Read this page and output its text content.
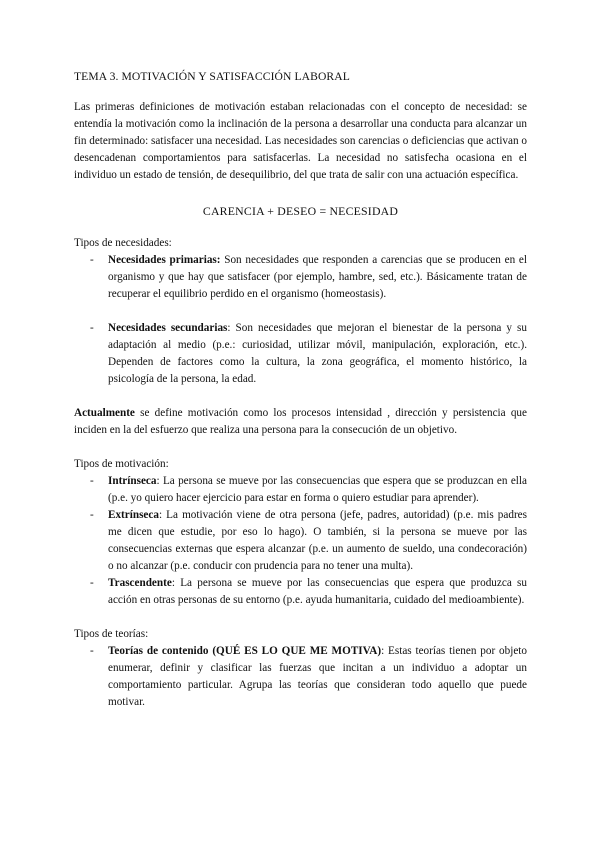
TEMA 3. MOTIVACIÓN Y SATISFACCIÓN LABORAL

Las primeras definiciones de motivación estaban relacionadas con el concepto de necesidad: se entendía la motivación como la inclinación de la persona a desarrollar una conducta para alcanzar un fin determinado: satisfacer una necesidad. Las necesidades son carencias o deficiencias que activan o desencadenan comportamientos para satisfacerlas. La necesidad no satisfecha ocasiona en el individuo un estado de tensión, de desequilibrio, del que trata de salir con una actuación específica.

CARENCIA + DESEO = NECESIDAD

Tipos de necesidades:

- Necesidades primarias: Son necesidades que responden a carencias que se producen en el organismo y que hay que satisfacer (por ejemplo, hambre, sed, etc.). Básicamente tratan de recuperar el equilibrio perdido en el organismo (homeostasis).
- Necesidades secundarias: Son necesidades que mejoran el bienestar de la persona y su adaptación al medio (p.e.: curiosidad, utilizar móvil, manipulación, exploración, etc.). Dependen de factores como la cultura, la zona geográfica, el momento histórico, la psicología de la persona, la edad.

Actualmente se define motivación como los procesos intensidad , dirección y persistencia que inciden en la del esfuerzo que realiza una persona para la consecución de un objetivo.

Tipos de motivación:

- Intrínseca: La persona se mueve por las consecuencias que espera que se produzcan en ella (p.e. yo quiero hacer ejercicio para estar en forma o quiero estudiar para aprender).
- Extrínseca: La motivación viene de otra persona (jefe, padres, autoridad) (p.e. mis padres me dicen que estudie, por eso lo hago). O también, si la persona se mueve por las consecuencias externas que espera alcanzar (p.e. un aumento de sueldo, una condecoración) o no alcanzar (p.e. conducir con prudencia para no tener una multa).
- Trascendente: La persona se mueve por las consecuencias que espera que produzca su acción en otras personas de su entorno (p.e. ayuda humanitaria, cuidado del medioambiente).

Tipos de teorías:

- Teorías de contenido (QUÉ ES LO QUE ME MOTIVA): Estas teorías tienen por objeto enumerar, definir y clasificar las fuerzas que incitan a un individuo a adoptar un comportamiento particular. Agrupa las teorías que consideran todo aquello que puede motivar.
